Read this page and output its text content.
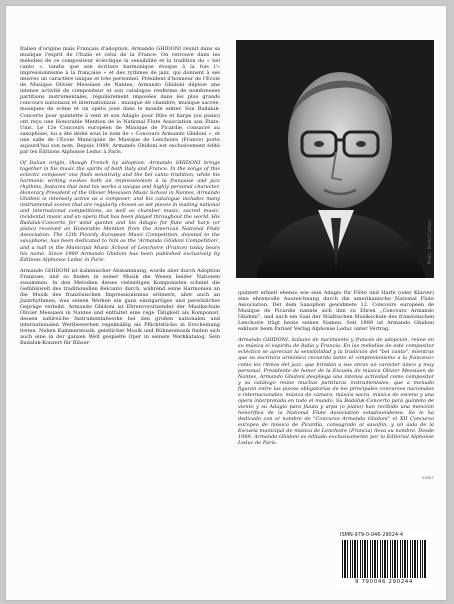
Italien d'origine mais Français d'adoption, Armando GHIDONI réunit dans sa musique l'esprit de l'Italie et celui de la France. On retrouve dans les mélodies de ce compositeur éclectique la sensibilité et la tradition du « bel canto », tandis que son écriture harmonique évoque à la fois l'« impressionnisme à la française » et des rythmes de jazz, qui donnent à ses œuvres un caractère unique et très personnel. Président d'honneur de l'École de Musique Olivier Messiaen de Nantes, Armando Ghidoni déploie une intense activité de compositeur et son catalogue renferme de nombreuses partitions instrumentales, régulièrement imposées dans les plus grands concours nationaux et internationaux : musique de chambre, musique sacrée, musiques de scène et un opéra joué dans le monde entier. Son Badaluk-Concerto pour quintette à vent et son Adagio pour flûte et harpe (ou piano) ont reçu une Honorable Mention de la National Flute Association aux États-Unis. Le 12e Concours européen de Musique de Picardie, consacré au saxophone, lui a été dédié sous le nom de « Concours Armando Ghidoni », et une salle de l'École Municipale de Musique de Lenchoire (France) porte aujourd'hui son nom. Depuis 1989, Armando Ghidoni est exclusivement édité par les Éditions Alphonse Leduc à Paris.

Of Italian origin, though French by adoption, Armando GHIDONI brings together in his music the spirits of both Italy and France. In the songs of this eclectic composer one finds sensitivity and the bel canto tradition, while his harmonic writing evokes both an impressionism à la française and jazz rhythms, features that lend his works a unique and highly personal character. Honorary President of the Olivier Messiaen Music School in Nantes, Armando Ghidoni is intensely active as a composer, and his catalogue includes many instrumental scores that are regularly chosen as set pieces in leading national and international competitions, as well as chamber music, sacred music, incidental music and an opera that has been played throughout the world. His Badaluk-Concerto for wind quintet and his Adagio for flute and harp (or piano) received an Honorable Mention from the American National Flute Association. The 12th Picardy European Music Competition, devoted to the saxophone, has been dedicated to him as the 'Armando Ghidoni Competition', and a hall in the Municipal Music School of Lenchoire (France) today bears his name. Since 1989 Armando Ghidoni has been published exclusively by Éditions Alphonse Leduc in Paris.

Armando GHIDONI ist italienischer Abstammung, wurde aber durch Adoption Franzose, und so finden in seiner Musik die Wesen beider Nationen zusammen. In den Melodien dieses vielseitigen Komponisten scheint die Gefühlswelt des traditionellen Belcanto durch, während seine Harmonien an die Musik des französischen Impressionismus erinnern, aber auch an Jazzrhythmen, was seinen Werken ein ganz einzigartiges und persönliches Gepräge verleiht. Armando Ghidoni ist Ehrenvorsitzender der Musikschule Olivier Messiaen in Nantes und entfaltet eine rege Tätigkeit als Komponist, dessen zahlreiche Instrumentalwerke bei den großen nationalen und internationalen Wettbewerben regelmäßig als Pflichtstücke in Erscheinung treten. Neben Kammermusik, geistlicher Musik und Bühnenmusik finden sich auch eine in der ganzen Welt gespielte Oper in seinem Werkkatalog. Sein Badaluk-Konzert für Bläser-

Photo : Michel Cochon

quintett erhielt ebenso wie sein Adagio für Flöte und Harfe (oder Klavier) eine ehrenvolle Auszeichnung durch die amerikanische National Flute Association. Der dem Saxophon gewidmete 12. Concours européen de Musique de Picardie nannte sich ihm zu Ehren „Concours Armando Ghidoni“, und auch ein Saal der Städtischen Musikschule des französischen Lenchoire trägt heute seinen Namen. Seit 1989 ist Armando Ghidoni exklusiv beim Pariser Verlag Alphonse Leduc unter Vertrag.

Armando GHIDONI, italiano de nacimiento y francés de adopción, reúne en su música el espíritu de Italia y Francia. En las melodías de este compositor ecléctico se aprecian la sensibilidad y la tradición del "bel canto", mientras que su escritura armónica recuerda tanto el «impresionismo a la francesa» como los ritmos del jazz, que brindan a sus obras un carácter único y muy personal. Presidente de honor de la Escuela de música Olivier Messiaen de Nantes, Armando Ghidoni despliega una intensa actividad como compositor y su catálogo reúne muchas partituras instrumentales, que a menudo figuran entre las piezas obligatorias de los principales concursos nacionales e internacionales: música de cámara, música sacra, música de escena y una ópera interpretada en todo el mundo. Su Badaluk-Concerto para quinteto de viento y su Adagio para flauta y arpa (o piano) han recibido una mención honorífica de la National Flute Association estadounidense. Se le ha dedicado con el nombre de "Concurso Armando Ghidoni" el XII Concurso europeo de música de Picardía, consagrado al saxofón, y un aula de la Escuela municipal de música de Lenchoire (Francia) lleva su nombre. Desde 1989, Armando Ghidoni es editado exclusivamente por la Editorial Alphonse Leduc de París.

Y.2007
ISMN-979-0-046-29024-4
9 790046 290244
